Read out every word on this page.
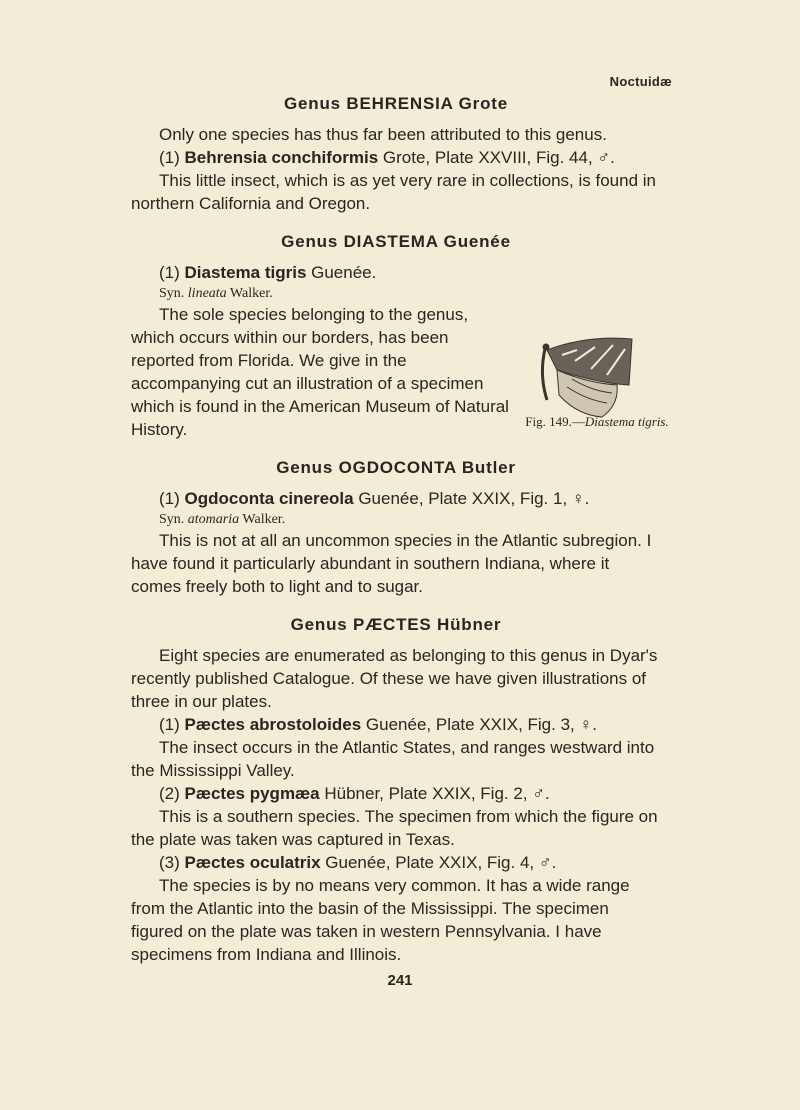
Noctuidæ
Genus BEHRENSIA Grote

Only one species has thus far been attributed to this genus.

(1) Behrensia conchiformis Grote, Plate XXVIII, Fig. 44, ♂.

This little insect, which is as yet very rare in collections, is found in northern California and Oregon.

Genus DIASTEMA Guenée

(1) Diastema tigris Guenée.

Syn. lineata Walker.

The sole species belonging to the genus, which occurs within our borders, has been reported from Florida. We give in the accompanying cut an illustration of a specimen which is found in the American Museum of Natural History.

Genus OGDOCONTA Butler

(1) Ogdoconta cinereola Guenée, Plate XXIX, Fig. 1, ♀.

Syn. atomaria Walker.

This is not at all an uncommon species in the Atlantic subregion. I have found it particularly abundant in southern Indiana, where it comes freely both to light and to sugar.

Genus PÆCTES Hübner

Eight species are enumerated as belonging to this genus in Dyar's recently published Catalogue. Of these we have given illustrations of three in our plates.

(1) Pæctes abrostoloides Guenée, Plate XXIX, Fig. 3, ♀.

The insect occurs in the Atlantic States, and ranges westward into the Mississippi Valley.

(2) Pæctes pygmæa Hübner, Plate XXIX, Fig. 2, ♂.

This is a southern species. The specimen from which the figure on the plate was taken was captured in Texas.

(3) Pæctes oculatrix Guenée, Plate XXIX, Fig. 4, ♂.

The species is by no means very common. It has a wide range from the Atlantic into the basin of the Mississippi. The specimen figured on the plate was taken in western Pennsylvania. I have specimens from Indiana and Illinois.

Fig. 149.—Diastema tigris.
241
